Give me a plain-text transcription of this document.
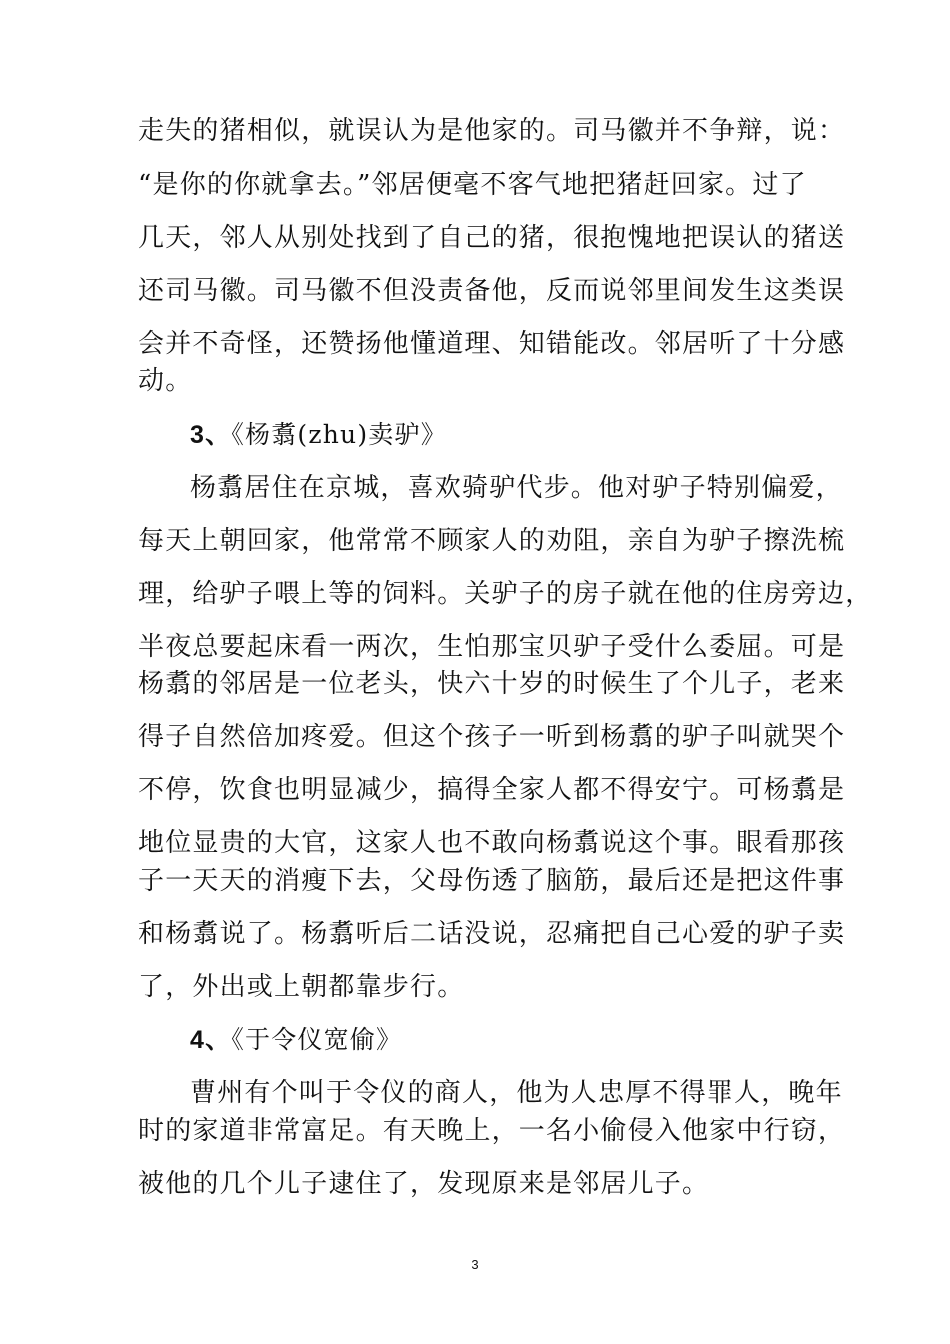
走失的猪相似，就误认为是他家的。司马徽并不争辩，说：
“是你的你就拿去。”邻居便毫不客气地把猪赶回家。过了
几天，邻人从别处找到了自己的猪，很抱愧地把误认的猪送
还司马徽。司马徽不但没责备他，反而说邻里间发生这类误
会并不奇怪，还赞扬他懂道理、知错能改。邻居听了十分感
动。
3、《杨翥(zhu)卖驴》
杨翥居住在京城，喜欢骑驴代步。他对驴子特别偏爱，
每天上朝回家，他常常不顾家人的劝阻，亲自为驴子擦洗梳
理，给驴子喂上等的饲料。关驴子的房子就在他的住房旁边，
半夜总要起床看一两次，生怕那宝贝驴子受什么委屈。可是
杨翥的邻居是一位老头，快六十岁的时候生了个儿子，老来
得子自然倍加疼爱。但这个孩子一听到杨翥的驴子叫就哭个
不停，饮食也明显减少，搞得全家人都不得安宁。可杨翥是
地位显贵的大官，这家人也不敢向杨翥说这个事。眼看那孩
子一天天的消瘦下去，父母伤透了脑筋，最后还是把这件事
和杨翥说了。杨翥听后二话没说，忍痛把自己心爱的驴子卖
了，外出或上朝都靠步行。
4、《于令仪宽偷》
曹州有个叫于令仪的商人，他为人忠厚不得罪人，晚年
时的家道非常富足。有天晚上，一名小偷侵入他家中行窃，
被他的几个儿子逮住了，发现原来是邻居儿子。
3
